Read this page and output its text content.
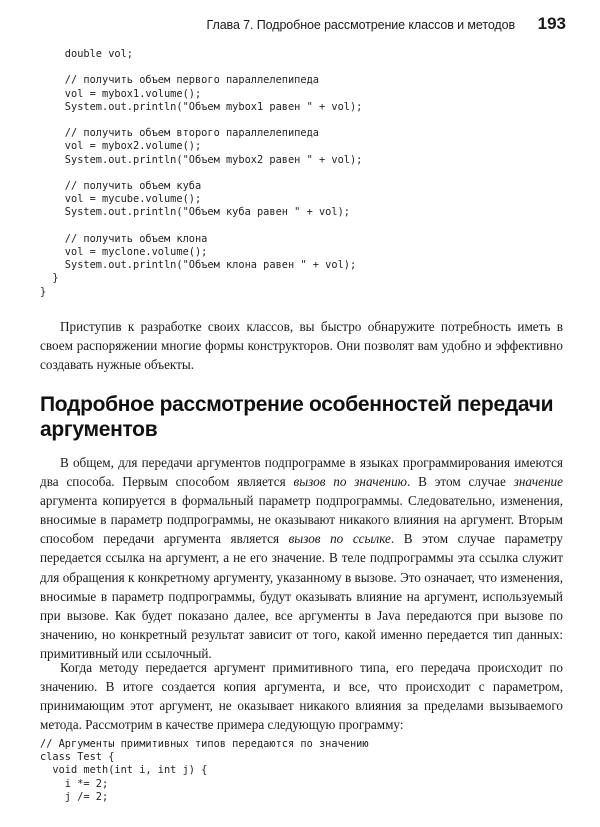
Глава 7. Подробное рассмотрение классов и методов 193
double vol;

// получить объем первого параллелепипеда
vol = mybox1.volume();
System.out.println("Объем mybox1 равен " + vol);

// получить объем второго параллелепипеда
vol = mybox2.volume();
System.out.println("Объем mybox2 равен " + vol);

// получить объем куба
vol = mycube.volume();
System.out.println("Объем куба равен " + vol);

// получить объем клона
vol = myclone.volume();
System.out.println("Объем клона равен " + vol);
}
}

Приступив к разработке своих классов, вы быстро обнаружите потребность иметь в своем распоряжении многие формы конструкторов. Они позволят вам удобно и эффективно создавать нужные объекты.

Подробное рассмотрение особенностей передачи аргументов

В общем, для передачи аргументов подпрограмме в языках программирования имеются два способа. Первым способом является вызов по значению. В этом случае значение аргумента копируется в формальный параметр подпрограммы. Следовательно, изменения, вносимые в параметр подпрограммы, не оказывают никакого влияния на аргумент. Вторым способом передачи аргумента является вызов по ссылке. В этом случае параметру передается ссылка на аргумент, а не его значение. В теле подпрограммы эта ссылка служит для обращения к конкретному аргументу, указанному в вызове. Это означает, что изменения, вносимые в параметр подпрограммы, будут оказывать влияние на аргумент, используемый при вызове. Как будет показано далее, все аргументы в Java передаются при вызове по значению, но конкретный результат зависит от того, какой именно передается тип данных: примитивный или ссылочный.

Когда методу передается аргумент примитивного типа, его передача происходит по значению. В итоге создается копия аргумента, и все, что происходит с параметром, принимающим этот аргумент, не оказывает никакого влияния за пределами вызываемого метода. Рассмотрим в качестве примера следующую программу:

// Аргументы примитивных типов передаются по значению
class Test {
void meth(int i, int j) {
i *= 2;
j /= 2;
